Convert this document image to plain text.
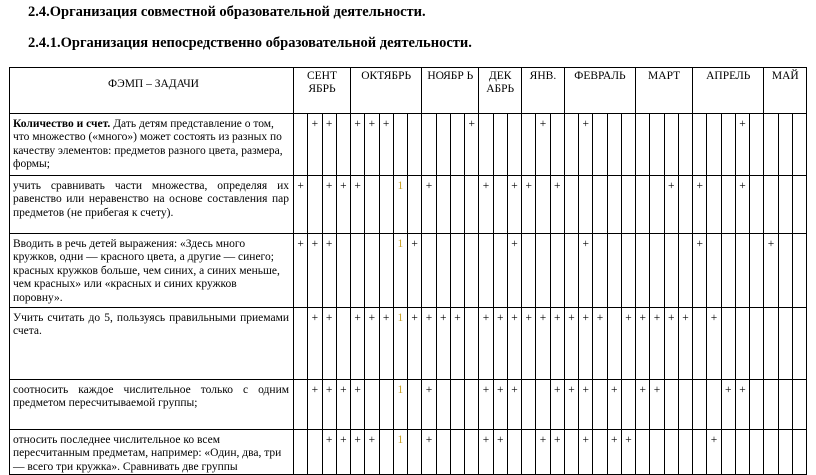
2.4.Организация совместной образовательной деятельности.
2.4.1.Организация непосредственно образовательной деятельности.
ФЭМП – ЗАДАЧИ	СЕНТ ЯБРЬ				ОКТЯБРЬ					НОЯБР Ь				ДЕК АБРЬ			ЯНВ.			ФЕВРАЛЬ					МАРТ				АПРЕЛЬ					МАЙ			
Количество и счет. Дать детям представление о том, что множество («много») может состоять из разных по качеству элементов: предметов разного цвета, размера, формы;		+	+		+	+	+						+					+			+											+						
учить сравнивать части множества, определяя их равенство или неравенство на основе составления пар предметов (не прибегая к счету).	+		+	+	+			1		+				+		+	+		+								+		+			+						
Вводить в речь детей выражения: «Здесь много кружков, одни — красного цвета, а другие — синего; красных кружков больше, чем синих, а синих меньше, чем красных» или «красных и синих кружков поровну».	+	+	+					1	+							+					+								+					+				
Учить считать до 5, пользуясь правильными приемами счета.		+	+		+	+	+	1	+	+	+	+		+	+	+	+	+	+	+	+	+		+	+	+	+	+		+								
соотносить каждое числительное только с одним предметом пересчитываемой группы;		+	+	+	+			1		+				+	+	+			+	+	+		+		+	+					+	+						
относить последнее числительное ко всем пересчитанным предметам, например: «Один, два, три — всего три кружка». Сравнивать две группы			+	+	+	+		1		+				+	+			+	+		+		+	+						+								
